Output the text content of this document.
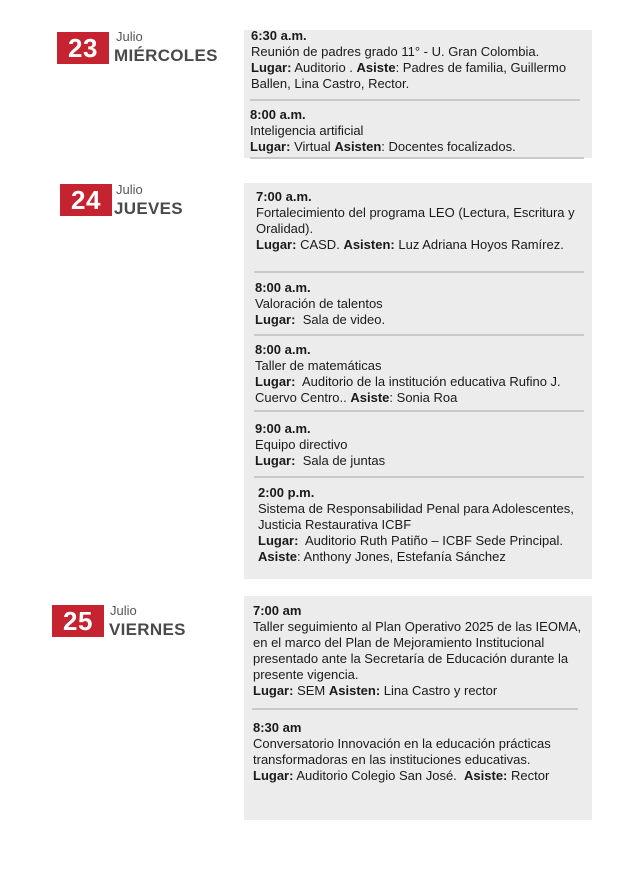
23	Julio
MIÉRCOLES
6:30 a.m.
Reunión de padres grado 11° - U. Gran Colombia.
Lugar: Auditorio . Asiste: Padres de familia, Guillermo Ballen, Lina Castro, Rector.
8:00 a.m.
Inteligencia artificial
Lugar: Virtual Asisten: Docentes focalizados.
24	Julio
JUEVES
7:00 a.m.
Fortalecimiento del programa LEO (Lectura, Escritura y Oralidad).
Lugar: CASD. Asisten: Luz Adriana Hoyos Ramírez.
8:00 a.m.
Valoración de talentos
Lugar: Sala de video.
8:00 a.m.
Taller de matemáticas
Lugar: Auditorio de la institución educativa Rufino J. Cuervo Centro.. Asiste: Sonia Roa
9:00 a.m.
Equipo directivo
Lugar: Sala de juntas
2:00 p.m.
Sistema de Responsabilidad Penal para Adolescentes, Justicia Restaurativa ICBF
Lugar: Auditorio Ruth Patiño – ICBF Sede Principal. Asiste: Anthony Jones, Estefanía Sánchez
25	Julio
VIERNES
7:00 am
Taller seguimiento al Plan Operativo 2025 de las IEOMA, en el marco del Plan de Mejoramiento Institucional presentado ante la Secretaría de Educación durante la presente vigencia.
Lugar: SEM Asisten: Lina Castro y rector
8:30 am
Conversatorio Innovación en la educación prácticas transformadoras en las instituciones educativas.
Lugar: Auditorio Colegio San José. Asiste: Rector
